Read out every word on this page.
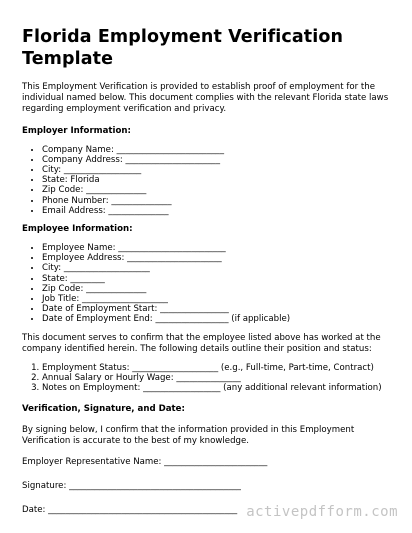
Florida Employment Verification
Template

This Employment Verification is provided to establish proof of employment for the individual named below. This document complies with the relevant Florida state laws regarding employment verification and privacy.

Employer Information:
• Company Name: _________________________
• Company Address: ______________________
• City: __________________
• State: Florida
• Zip Code: ______________
• Phone Number: ______________
• Email Address: ______________
Employee Information:
• Employee Name: _________________________
• Employee Address: ______________________
• City: ____________________
• State: ________
• Zip Code: ______________
• Job Title: ____________________
• Date of Employment Start: ________________
• Date of Employment End: _________________ (if applicable)

This document serves to confirm that the employee listed above has worked at the company identified herein. The following details outline their position and status:

1. Employment Status: ____________________ (e.g., Full-time, Part-time, Contract)
2. Annual Salary or Hourly Wage: _______________
3. Notes on Employment: __________________ (any additional relevant information)
Verification, Signature, and Date:

By signing below, I confirm that the information provided in this Employment Verification is accurate to the best of my knowledge.

Employer Representative Name: ________________________
Signature: ________________________________________
Date: ____________________________________________ activepdfform.com
